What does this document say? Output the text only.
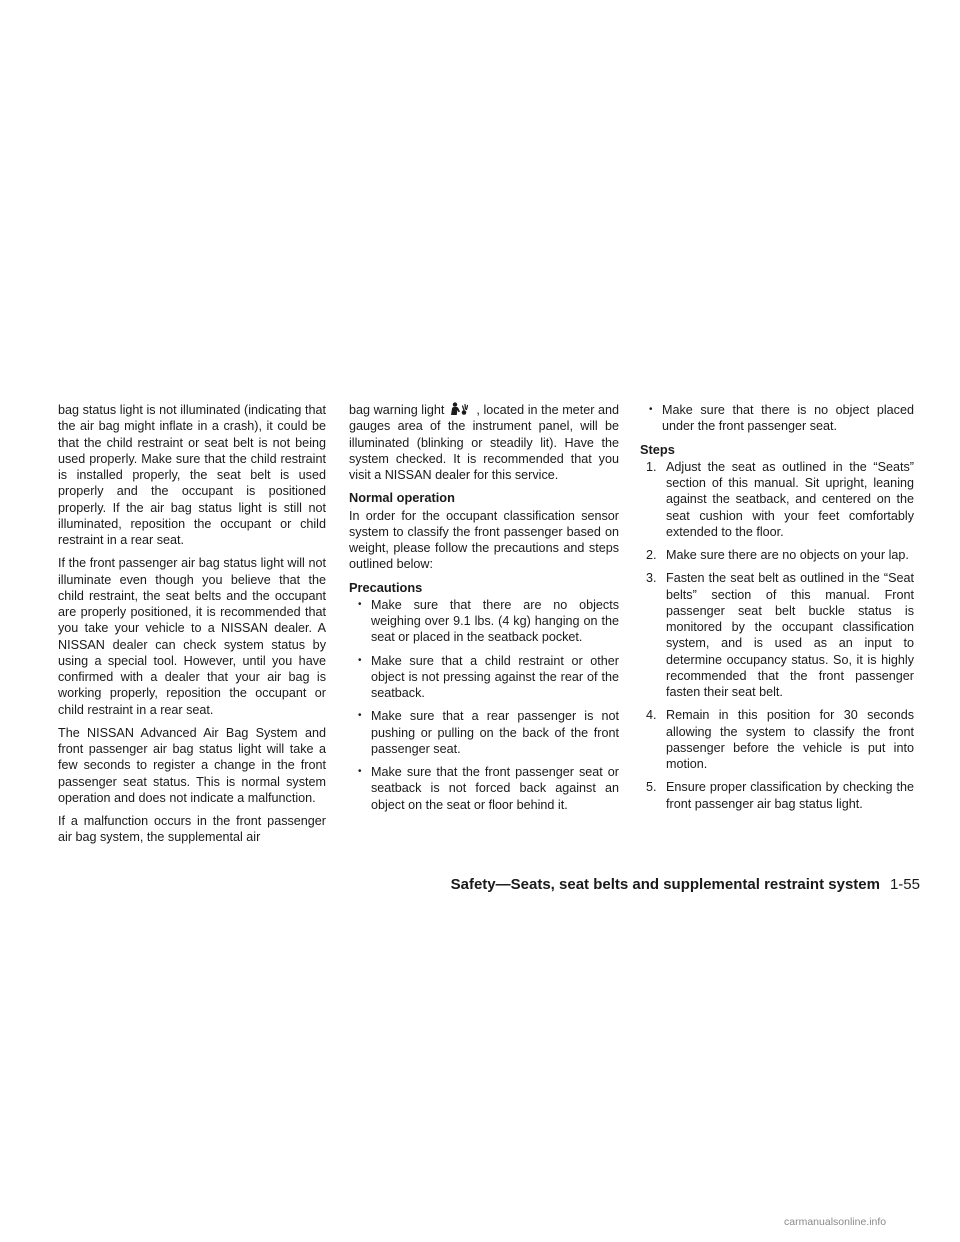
bag status light is not illuminated (indicating that the air bag might inflate in a crash), it could be that the child restraint or seat belt is not being used properly. Make sure that the child restraint is installed properly, the seat belt is used properly and the occupant is positioned properly. If the air bag status light is still not illuminated, reposition the occupant or child restraint in a rear seat.

If the front passenger air bag status light will not illuminate even though you believe that the child restraint, the seat belts and the occupant are properly positioned, it is recommended that you take your vehicle to a NISSAN dealer. A NISSAN dealer can check system status by using a special tool. However, until you have confirmed with a dealer that your air bag is working properly, reposition the occupant or child restraint in a rear seat.

The NISSAN Advanced Air Bag System and front passenger air bag status light will take a few seconds to register a change in the front passenger seat status. This is normal system operation and does not indicate a malfunction.

If a malfunction occurs in the front passenger air bag system, the supplemental air

bag warning light	, located in the meter and gauges area of the instrument panel, will be illuminated (blinking or steadily lit). Have the system checked. It is recommended that you visit a NISSAN dealer for this service.

Normal operation

In order for the occupant classification sensor system to classify the front passenger based on weight, please follow the precautions and steps outlined below:

Precautions
• Make sure that there are no objects weighing over 9.1 lbs. (4 kg) hanging on the seat or placed in the seatback pocket.
• Make sure that a child restraint or other object is not pressing against the rear of the seatback.
• Make sure that a rear passenger is not pushing or pulling on the back of the front passenger seat.
• Make sure that the front passenger seat or seatback is not forced back against an object on the seat or floor behind it.
• Make sure that there is no object placed under the front passenger seat.
Steps
1. Adjust the seat as outlined in the “Seats” section of this manual. Sit upright, leaning against the seatback, and centered on the seat cushion with your feet comfortably extended to the floor.
2. Make sure there are no objects on your lap.
3. Fasten the seat belt as outlined in the “Seat belts” section of this manual. Front passenger seat belt buckle status is monitored by the occupant classification system, and is used as an input to determine occupancy status. So, it is highly recommended that the front passenger fasten their seat belt.
4. Remain in this position for 30 seconds allowing the system to classify the front passenger before the vehicle is put into motion.
5. Ensure proper classification by checking the front passenger air bag status light.
Safety—Seats, seat belts and supplemental restraint system 1-55
carmanualsonline.info
